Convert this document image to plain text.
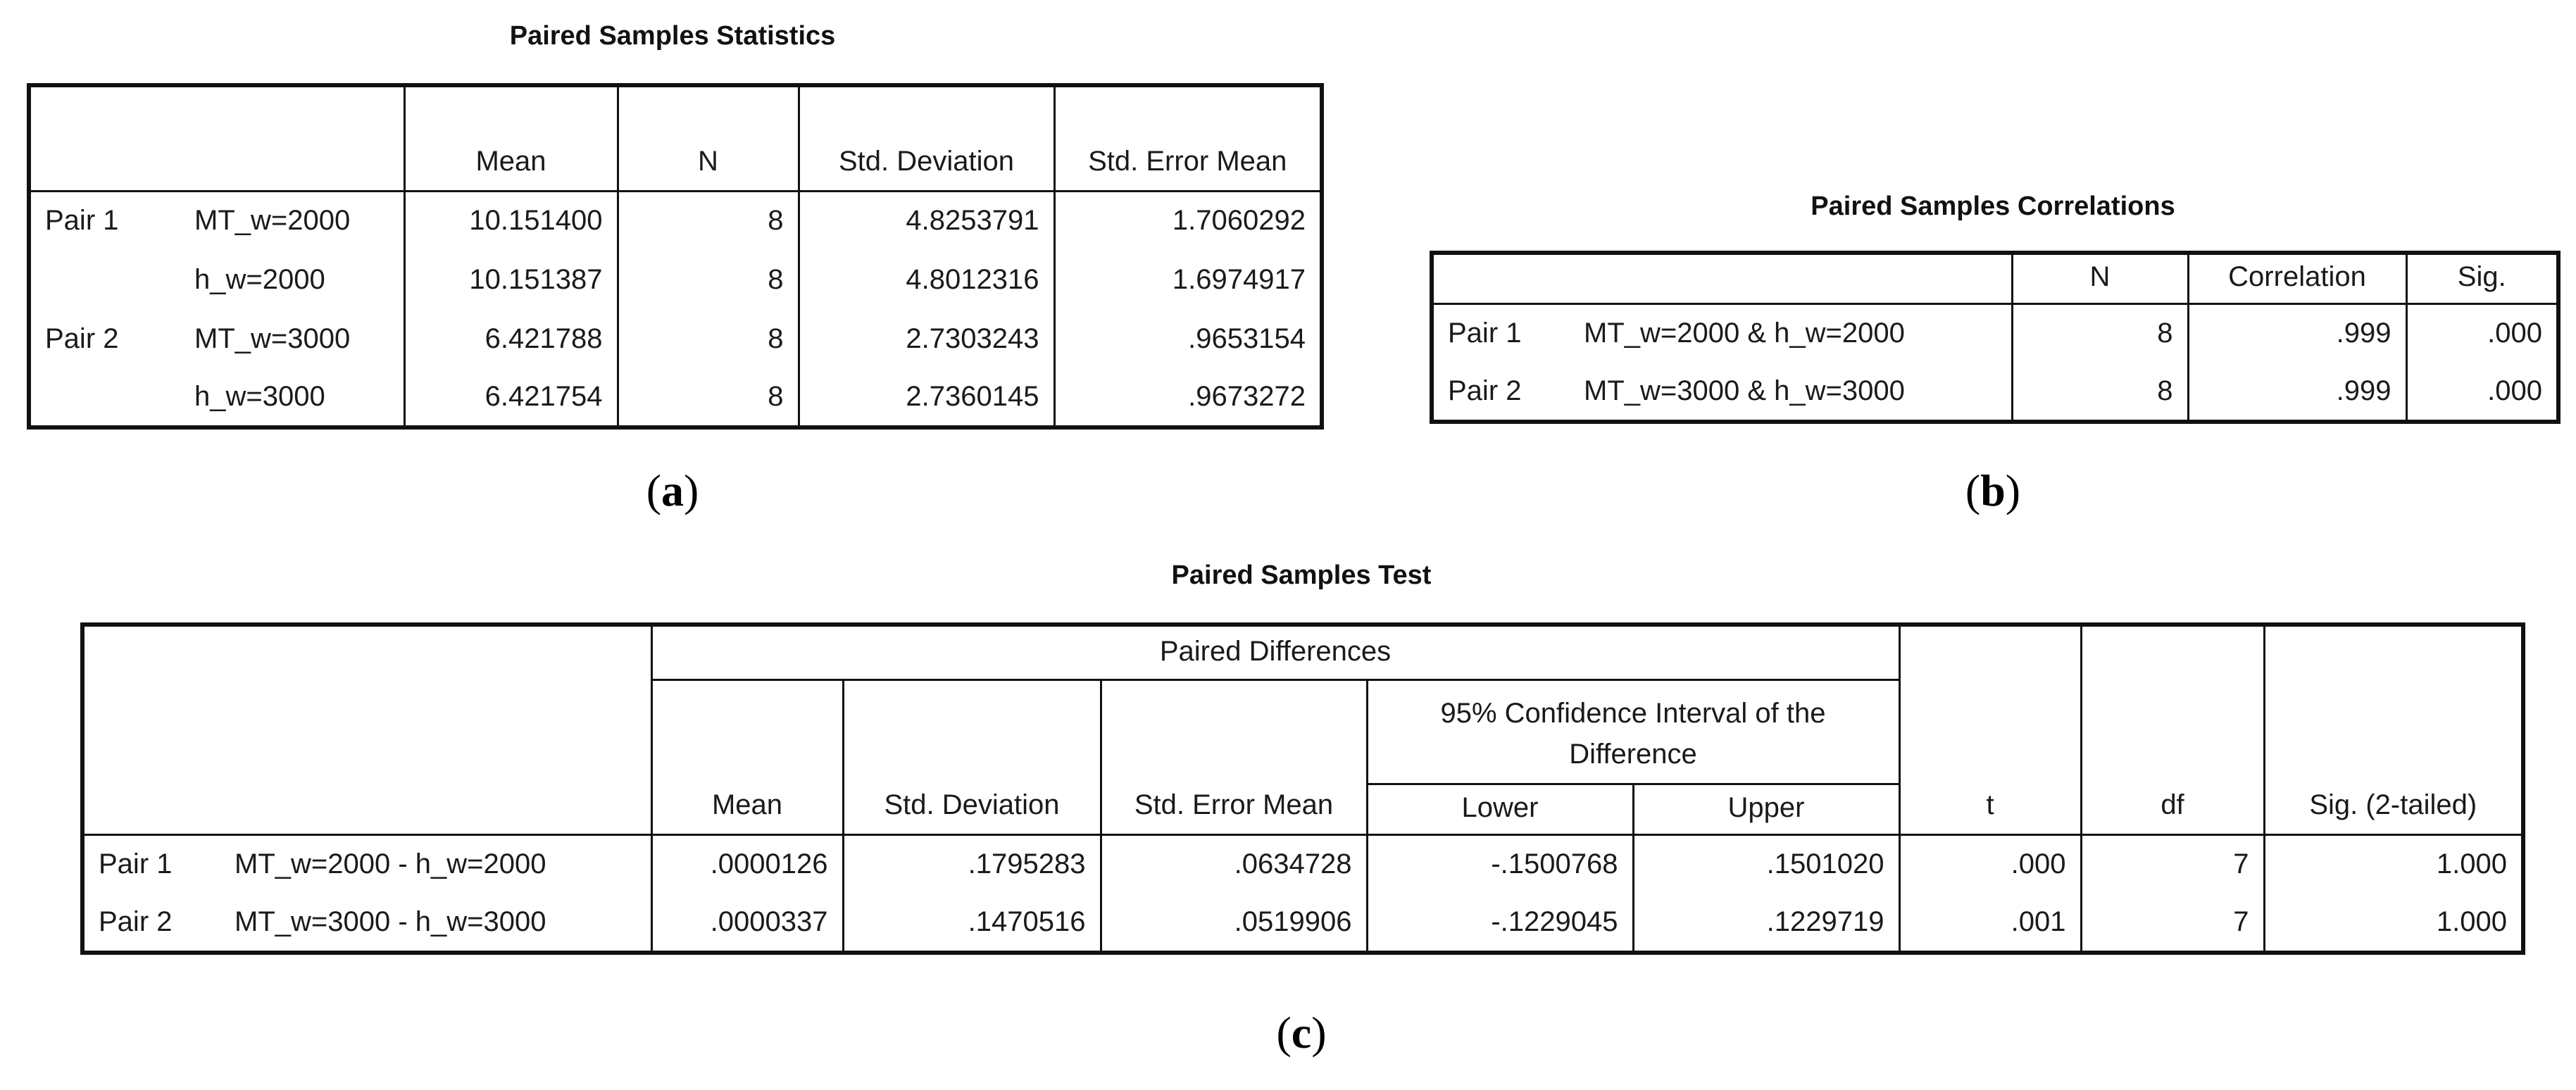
Paired Samples Statistics
		Mean	N	Std. Deviation	Std. Error Mean
Pair 1	MT_w=2000	10.151400	8	4.8253791	1.7060292
	h_w=2000	10.151387	8	4.8012316	1.6974917
Pair 2	MT_w=3000	6.421788	8	2.7303243	.9653154
	h_w=3000	6.421754	8	2.7360145	.9673272
(a)
Paired Samples Correlations
		N	Correlation	Sig.
Pair 1	MT_w=2000 & h_w=2000	8	.999	.000
Pair 2	MT_w=3000 & h_w=3000	8	.999	.000
(b)
Paired Samples Test
		Paired Differences					t	df	Sig. (2-tailed)
		Mean	Std. Deviation	Std. Error Mean	95% Confidence Interval of the Difference				
					Lower	Upper			
Pair 1	MT_w=2000 - h_w=2000	.0000126	.1795283	.0634728	-.1500768	.1501020	.000	7	1.000
Pair 2	MT_w=3000 - h_w=3000	.0000337	.1470516	.0519906	-.1229045	.1229719	.001	7	1.000
(c)
